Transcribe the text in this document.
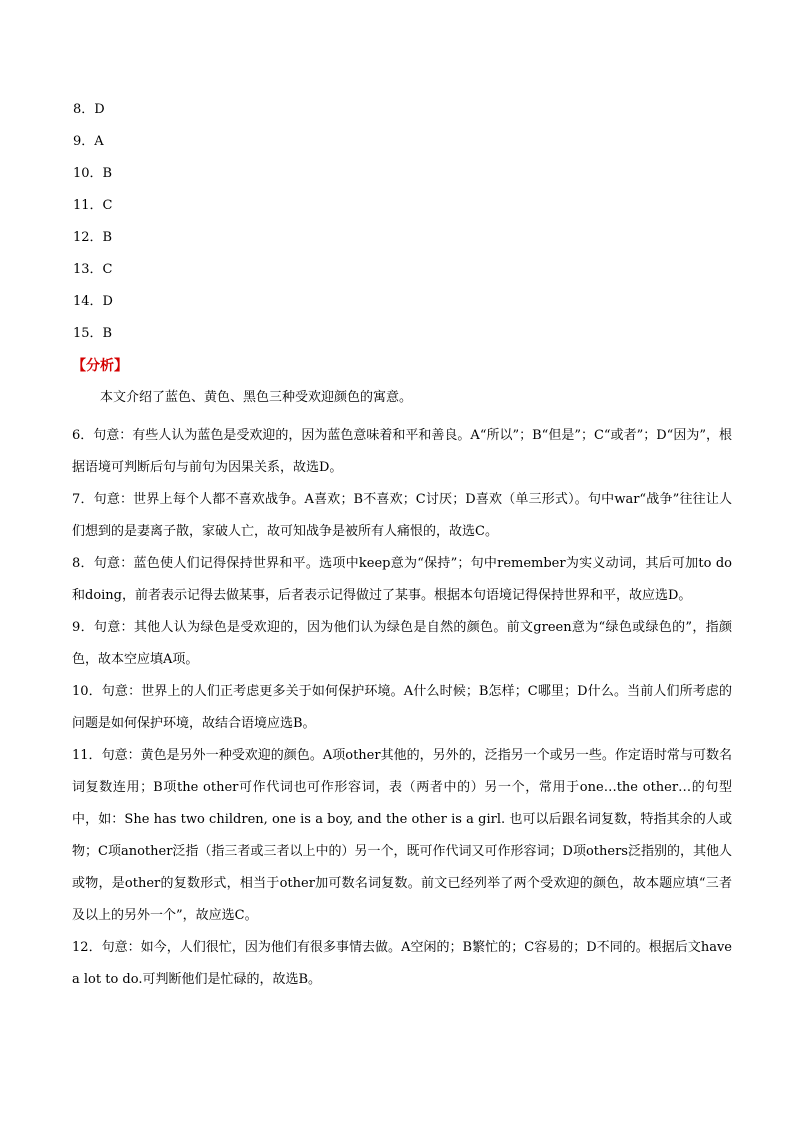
8．D
9．A
10．B
11．C
12．B
13．C
14．D
15．B
【分析】
本文介绍了蓝色、黄色、黑色三种受欢迎颜色的寓意。
6．句意：有些人认为蓝色是受欢迎的，因为蓝色意味着和平和善良。A“所以”；B“但是”；C“或者”；D“因为”，根据语境可判断后句与前句为因果关系，故选D。
7．句意：世界上每个人都不喜欢战争。A喜欢；B不喜欢；C讨厌；D喜欢（单三形式）。句中war“战争”往往让人们想到的是妻离子散，家破人亡，故可知战争是被所有人痛恨的，故选C。
8．句意：蓝色使人们记得保持世界和平。选项中keep意为“保持”；句中remember为实义动词，其后可加to do和doing，前者表示记得去做某事，后者表示记得做过了某事。根据本句语境记得保持世界和平，故应选D。
9．句意：其他人认为绿色是受欢迎的，因为他们认为绿色是自然的颜色。前文green意为“绿色或绿色的”，指颜色，故本空应填A项。
10．句意：世界上的人们正考虑更多关于如何保护环境。A什么时候；B怎样；C哪里；D什么。当前人们所考虑的问题是如何保护环境，故结合语境应选B。
11．句意：黄色是另外一种受欢迎的颜色。A项other其他的，另外的，泛指另一个或另一些。作定语时常与可数名词复数连用；B项the other可作代词也可作形容词，表（两者中的）另一个，常用于one…the other…的句型中，如：She has two children, one is a boy, and the other is a girl. 也可以后跟名词复数，特指其余的人或物；C项another泛指（指三者或三者以上中的）另一个，既可作代词又可作形容词；D项others泛指别的，其他人或物，是other的复数形式，相当于other加可数名词复数。前文已经列举了两个受欢迎的颜色，故本题应填“三者及以上的另外一个”，故应选C。
12．句意：如今，人们很忙，因为他们有很多事情去做。A空闲的；B繁忙的；C容易的；D不同的。根据后文have a lot to do.可判断他们是忙碌的，故选B。
